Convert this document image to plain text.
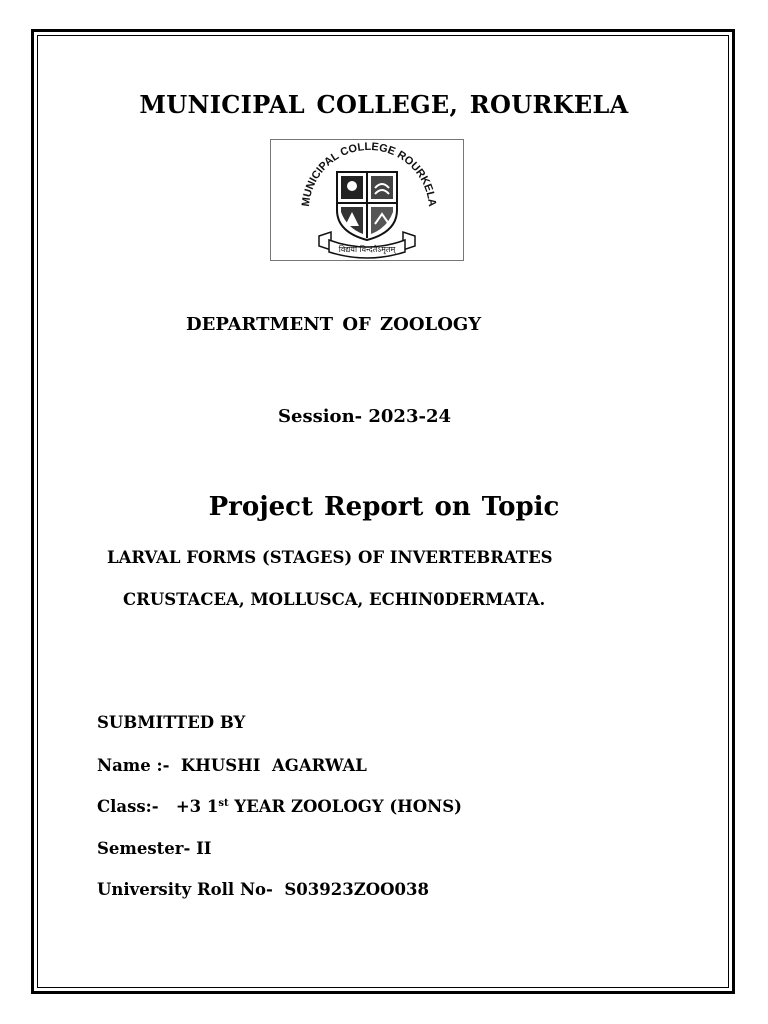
MUNICIPAL COLLEGE, ROURKELA
MUNICIPAL COLLEGE ROURKELA
विद्यया विन्दतेऽमृतम्
DEPARTMENT OF ZOOLOGY
Session- 2023-24
Project Report on Topic
LARVAL FORMS (STAGES) OF INVERTEBRATES
CRUSTACEA, MOLLUSCA, ECHIN0DERMATA.
SUBMITTED BY
Name :- KHUSHI  AGARWAL
Class:- +3 1st YEAR ZOOLOGY (HONS)
Semester- II
University Roll No- S03923ZOO038
